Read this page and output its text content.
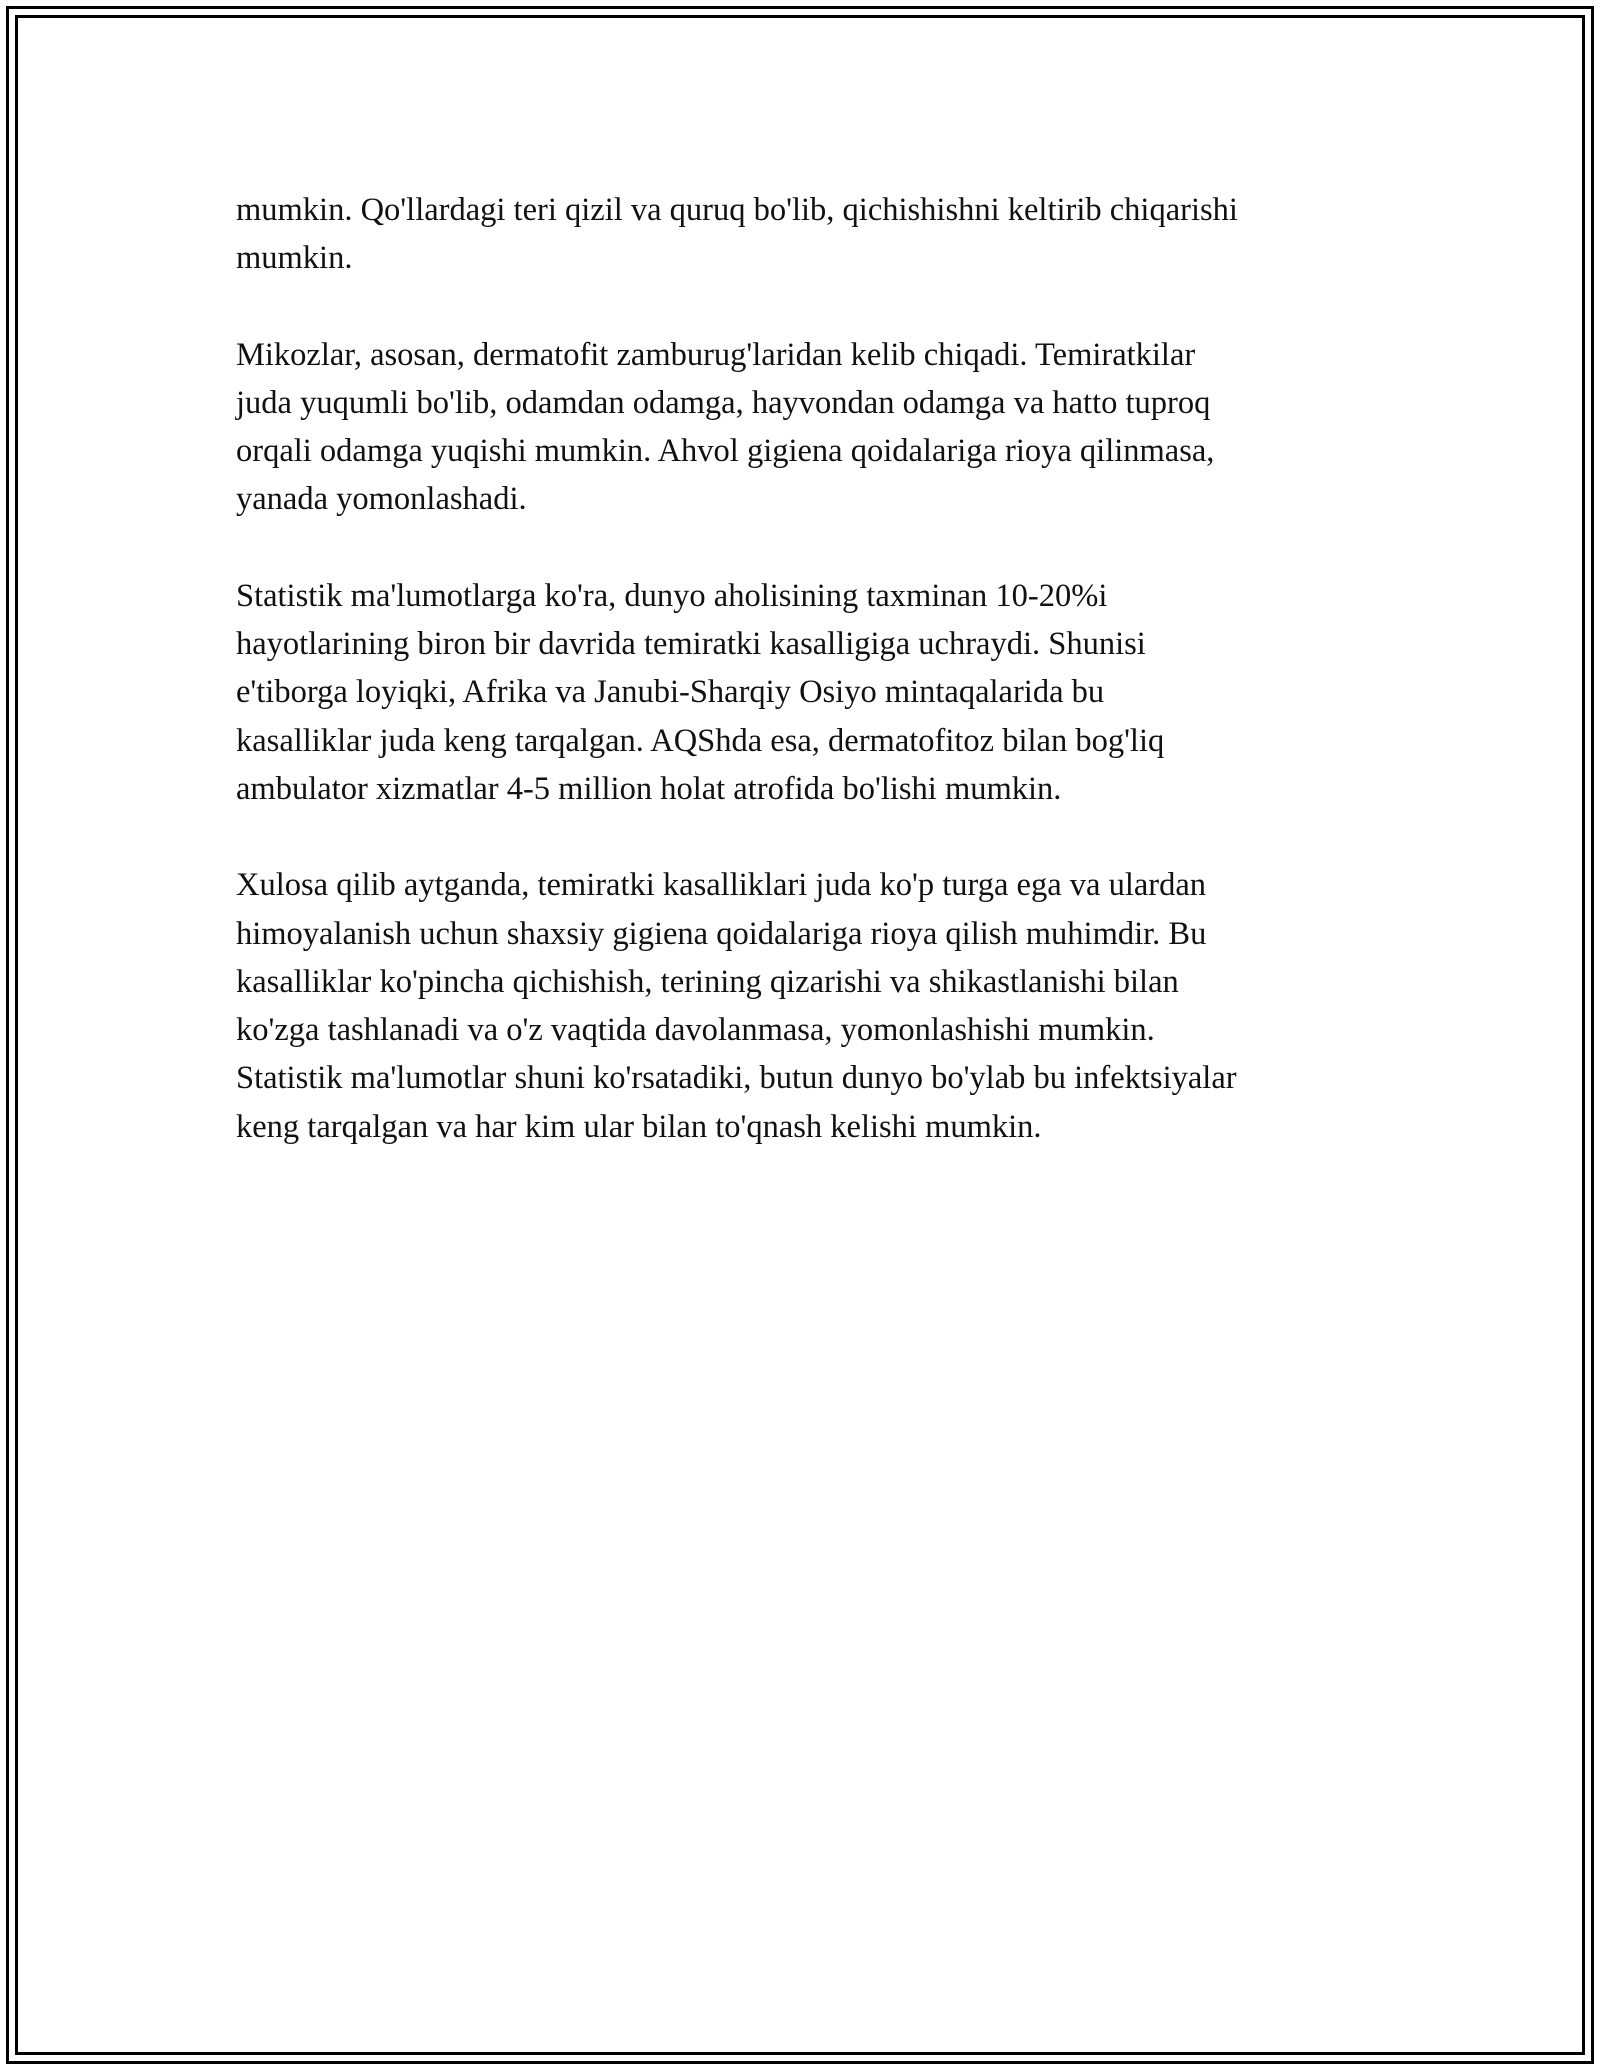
mumkin. Qo'llardagi teri qizil va quruq bo'lib, qichishishni keltirib chiqarishi
mumkin.

Mikozlar, asosan, dermatofit zamburug'laridan kelib chiqadi. Temiratkilar
juda yuqumli bo'lib, odamdan odamga, hayvondan odamga va hatto tuproq
orqali odamga yuqishi mumkin. Ahvol gigiena qoidalariga rioya qilinmasa,
yanada yomonlashadi.

Statistik ma'lumotlarga ko'ra, dunyo aholisining taxminan 10-20%i
hayotlarining biron bir davrida temiratki kasalligiga uchraydi. Shunisi
e'tiborga loyiqki, Afrika va Janubi-Sharqiy Osiyo mintaqalarida bu
kasalliklar juda keng tarqalgan. AQShda esa, dermatofitoz bilan bog'liq
ambulator xizmatlar 4-5 million holat atrofida bo'lishi mumkin.

Xulosa qilib aytganda, temiratki kasalliklari juda ko'p turga ega va ulardan
himoyalanish uchun shaxsiy gigiena qoidalariga rioya qilish muhimdir. Bu
kasalliklar ko'pincha qichishish, terining qizarishi va shikastlanishi bilan
ko'zga tashlanadi va o'z vaqtida davolanmasa, yomonlashishi mumkin.
Statistik ma'lumotlar shuni ko'rsatadiki, butun dunyo bo'ylab bu infektsiyalar
keng tarqalgan va har kim ular bilan to'qnash kelishi mumkin.
